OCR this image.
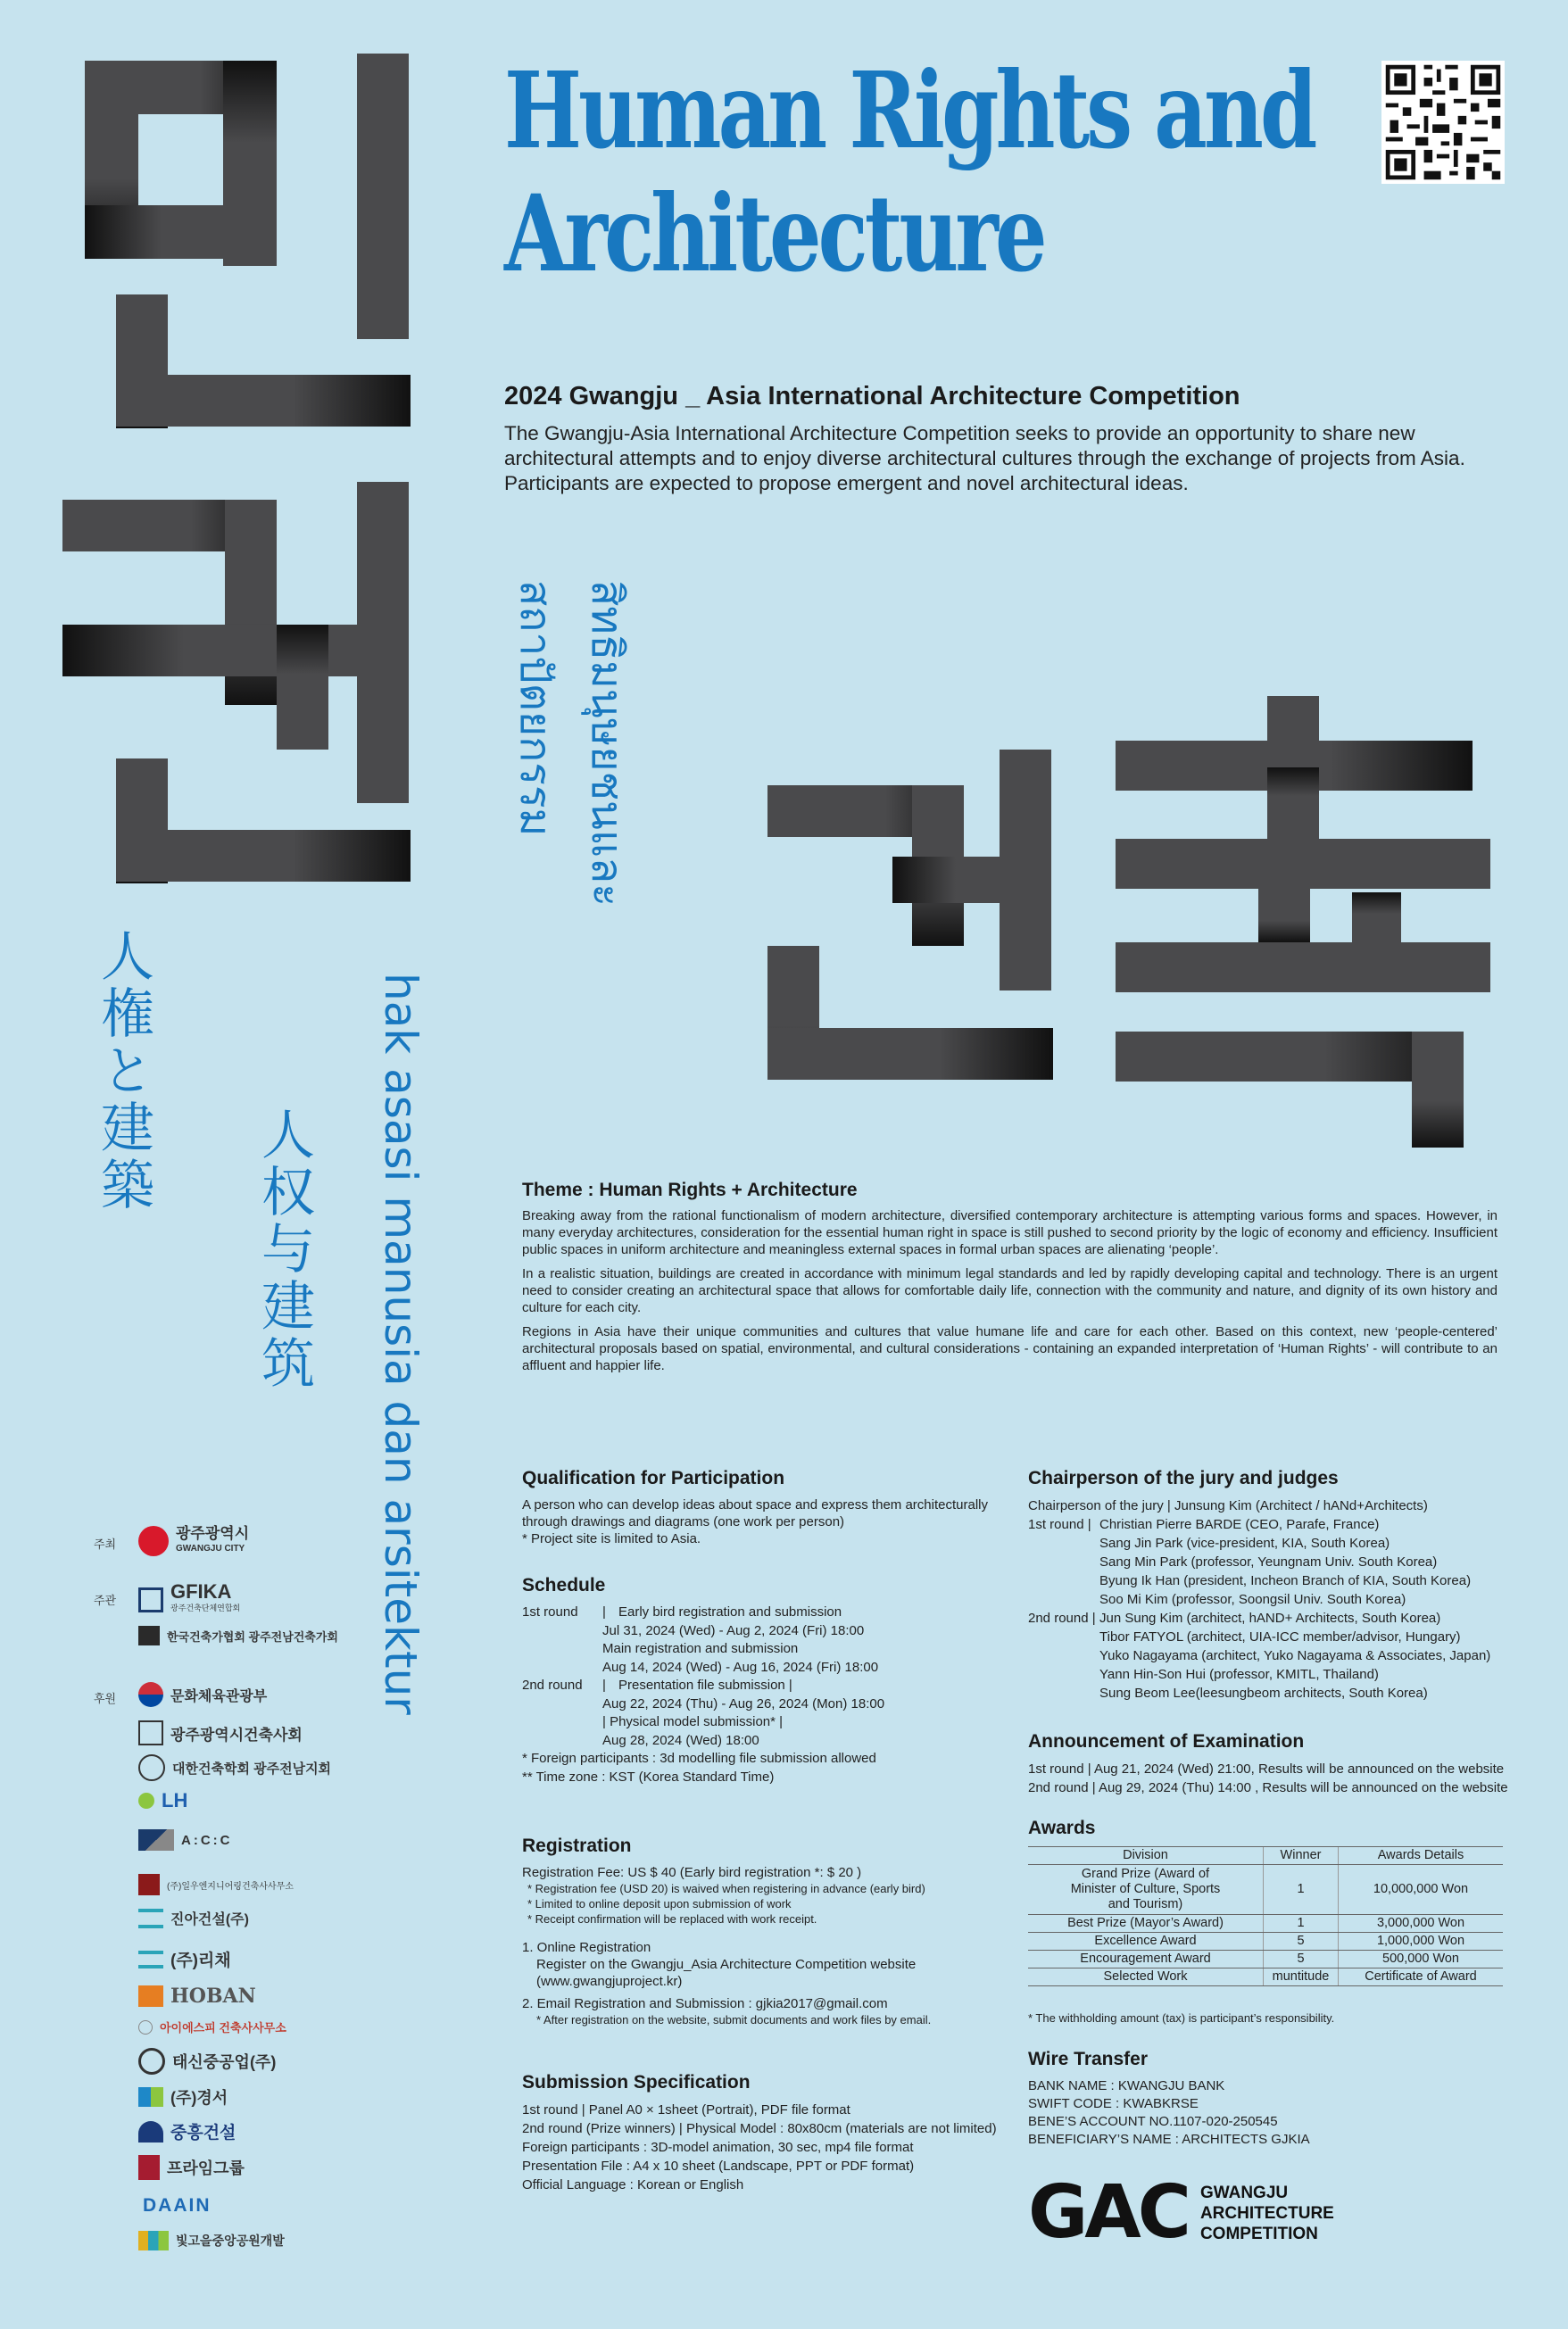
Human Rights and
Architecture
2024 Gwangju _ Asia International Architecture Competition
The Gwangju-Asia International Architecture Competition seeks to provide an opportunity to share new architectural attempts and to enjoy diverse architectural cultures through the exchange of projects from Asia. Participants are expected to propose emergent and novel architectural ideas.
人権と建築
人权与建筑 hak asasi manusia dan arsitektur
สิทธิมนุษยชนและ
สถาปัตยกรรม
Theme : Human Rights + Architecture

Breaking away from the rational functionalism of modern architecture, diversified contemporary architecture is attempting various forms and spaces. However, in many everyday architectures, consideration for the essential human right in space is still pushed to second priority by the logic of economy and efficiency. Insufficient public spaces in uniform architecture and meaningless external spaces in formal urban spaces are alienating ‘people’.

In a realistic situation, buildings are created in accordance with minimum legal standards and led by rapidly developing capital and technology. There is an urgent need to consider creating an architectural space that allows for comfortable daily life, connection with the community and nature, and dignity of its own history and culture for each city.

Regions in Asia have their unique communities and cultures that value humane life and care for each other. Based on this context, new ‘people-centered’ architectural proposals based on spatial, environmental, and cultural considerations - containing an expanded interpretation of ‘Human Rights’ - will contribute to an affluent and happier life.

Qualification for Participation
A person who can develop ideas about space and express them architecturally
through drawings and diagrams (one work per person)
* Project site is limited to Asia.
Schedule
1st round	| Early bird registration and submission
Jul 31, 2024 (Wed) - Aug 2, 2024 (Fri) 18:00
Main registration and submission
Aug 14, 2024 (Wed) - Aug 16, 2024 (Fri) 18:00
2nd round	| Presentation file submission |
Aug 22, 2024 (Thu) - Aug 26, 2024 (Mon) 18:00
| Physical model submission* |
Aug 28, 2024 (Wed) 18:00
* Foreign participants : 3d modelling file submission allowed
** Time zone : KST (Korea Standard Time)
Registration
Registration Fee: US $ 40 (Early bird registration *: $ 20 )
* Registration fee (USD 20) is waived when registering in advance (early bird)
* Limited to online deposit upon submission of work
* Receipt confirmation will be replaced with work receipt.
1. Online Registration
Register on the Gwangju_Asia Architecture Competition website
(www.gwangjuproject.kr)
2. Email Registration and Submission : gjkia2017@gmail.com
* After registration on the website, submit documents and work files by email.
Submission Specification
1st round | Panel A0 × 1sheet (Portrait), PDF file format
2nd round (Prize winners) | Physical Model : 80x80cm (materials are not limited)
Foreign participants : 3D-model animation, 30 sec, mp4 file format
Presentation File : A4 x 10 sheet (Landscape, PPT or PDF format)
Official Language : Korean or English
Chairperson of the jury and judges
Chairperson of the jury | Junsung Kim (Architect / hANd+Architects)
1st round | Christian Pierre BARDE (CEO, Parafe, France)
Sang Jin Park (vice-president, KIA, South Korea)
Sang Min Park (professor, Yeungnam Univ. South Korea)
Byung Ik Han (president, Incheon Branch of KIA, South Korea)
Soo Mi Kim (professor, Soongsil Univ. South Korea)
2nd round | Jun Sung Kim (architect, hAND+ Architects, South Korea)
Tibor FATYOL (architect, UIA-ICC member/advisor, Hungary)
Yuko Nagayama (architect, Yuko Nagayama & Associates, Japan)
Yann Hin-Son Hui (professor, KMITL, Thailand)
Sung Beom Lee(leesungbeom architects, South Korea)
Announcement of Examination
1st round | Aug 21, 2024 (Wed) 21:00, Results will be announced on the website
2nd round | Aug 29, 2024 (Thu) 14:00 , Results will be announced on the website
Awards
Division	Winner	Awards Details
Grand Prize (Award of Minister of Culture, Sports and Tourism)	1	10,000,000 Won
Best Prize (Mayor’s Award)	1	3,000,000 Won
Excellence Award	5	1,000,000 Won
Encouragement Award	5	500,000 Won
Selected Work	muntitude	Certificate of Award
* The withholding amount (tax) is participant’s responsibility.
Wire Transfer
BANK NAME : KWANGJU BANK
SWIFT CODE : KWABKRSE
BENE’S ACCOUNT NO.1107-020-250545
BENEFICIARY’S NAME : ARCHITECTS GJKIA
GAC GWANGJU
ARCHITECTURE
COMPETITION
주최
광주광역시
GWANGJU CITY
주관	GFIKA
광주건축단체연합회
한국건축가협회 광주전남건축가회
후원	문화체육관광부
광주광역시건축사회
대한건축학회 광주전남지회
LH
A:C:C
(주)일우엔지니어링건축사사무소
진아건설(주)
(주)리채
HOBAN
아이에스피 건축사사무소
태신중공업(주)
(주)경서
중흥건설
프라임그룹
DAAIN
빛고을중앙공원개발
